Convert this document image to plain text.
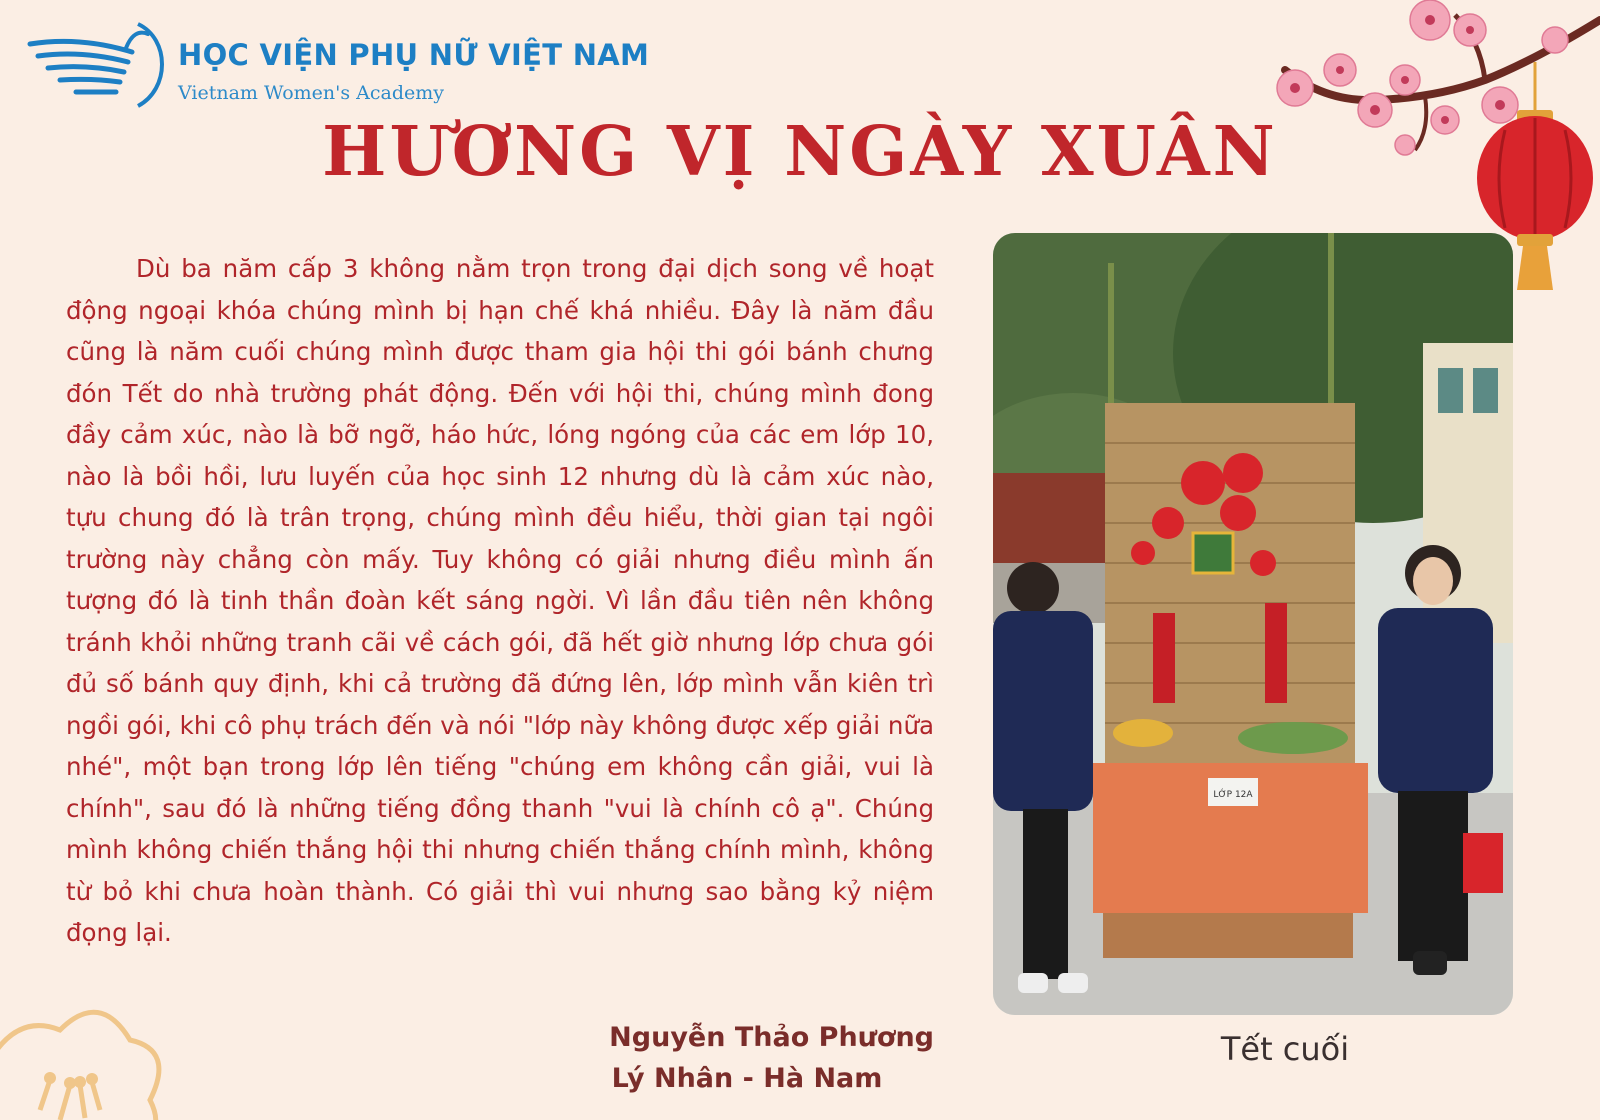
HỌC VIỆN PHỤ NỮ VIỆT NAM
Vietnam Women's Academy
HƯƠNG VỊ NGÀY XUÂN

Dù ba năm cấp 3 không nằm trọn trong đại dịch song về hoạt động ngoại khóa chúng mình bị hạn chế khá nhiều. Đây là năm đầu cũng là năm cuối chúng mình được tham gia hội thi gói bánh chưng đón Tết do nhà trường phát động. Đến với hội thi, chúng mình đong đầy cảm xúc, nào là bỡ ngỡ, háo hức, lóng ngóng của các em lớp 10, nào là bồi hồi, lưu luyến của học sinh 12 nhưng dù là cảm xúc nào, tựu chung đó là trân trọng, chúng mình đều hiểu, thời gian tại ngôi trường này chẳng còn mấy. Tuy không có giải nhưng điều mình ấn tượng đó là tinh thần đoàn kết sáng ngời. Vì lần đầu tiên nên không tránh khỏi những tranh cãi về cách gói, đã hết giờ nhưng lớp chưa gói đủ số bánh quy định, khi cả trường đã đứng lên, lớp mình vẫn kiên trì ngồi gói, khi cô phụ trách đến và nói "lớp này không được xếp giải nữa nhé", một bạn trong lớp lên tiếng "chúng em không cần giải, vui là chính", sau đó là những tiếng đồng thanh "vui là chính cô ạ". Chúng mình không chiến thắng hội thi nhưng chiến thắng chính mình, không từ bỏ khi chưa hoàn thành. Có giải thì vui nhưng sao bằng kỷ niệm đọng lại.

Nguyễn Thảo Phương
Lý Nhân - Hà Nam
LỚP 12A
Tết cuối
